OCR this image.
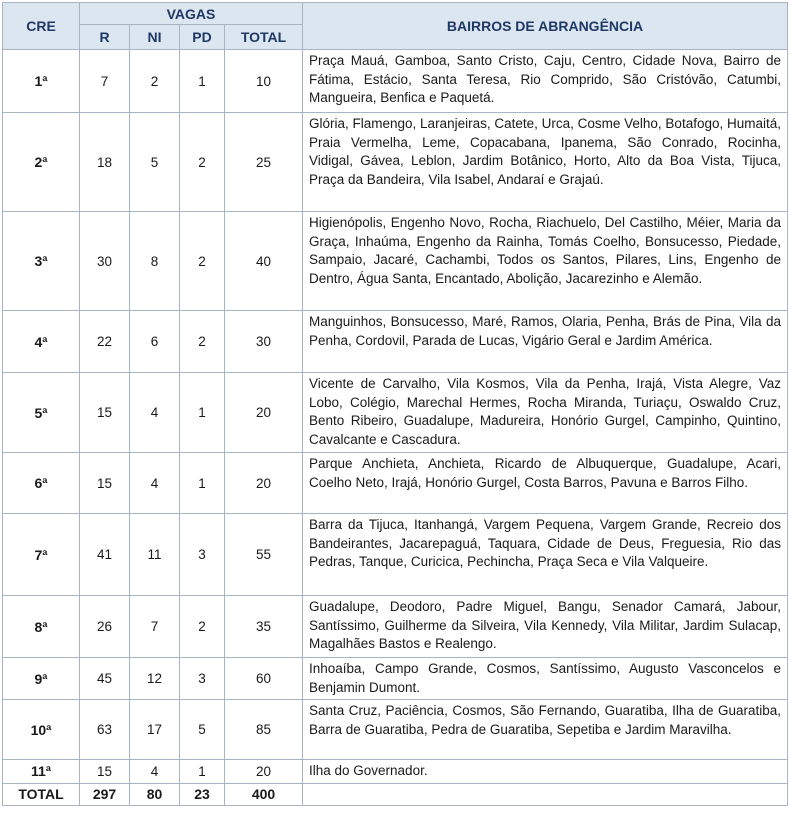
CRE	VAGAS				BAIRROS DE ABRANGÊNCIA
	R	NI	PD	TOTAL	
1ª	7	2	1	10	Praça Mauá, Gamboa, Santo Cristo, Caju, Centro, Cidade Nova, Bairro de Fátima, Estácio, Santa Teresa, Rio Comprido, São Cristóvão, Catumbi, Mangueira, Benfica e Paquetá.
2ª	18	5	2	25	Glória, Flamengo, Laranjeiras, Catete, Urca, Cosme Velho, Botafogo, Humaitá, Praia Vermelha, Leme, Copacabana, Ipanema, São Conrado, Rocinha, Vidigal, Gávea, Leblon, Jardim Botânico, Horto, Alto da Boa Vista, Tijuca, Praça da Bandeira, Vila Isabel, Andaraí e Grajaú.
3ª	30	8	2	40	Higienópolis, Engenho Novo, Rocha, Riachuelo, Del Castilho, Méier, Maria da Graça, Inhaúma, Engenho da Rainha, Tomás Coelho, Bonsucesso, Piedade, Sampaio, Jacaré, Cachambi, Todos os Santos, Pilares, Lins, Engenho de Dentro, Água Santa, Encantado, Abolição, Jacarezinho e Alemão.
4ª	22	6	2	30	Manguinhos, Bonsucesso, Maré, Ramos, Olaria, Penha, Brás de Pina, Vila da Penha, Cordovil, Parada de Lucas, Vigário Geral e Jardim América.
5ª	15	4	1	20	Vicente de Carvalho, Vila Kosmos, Vila da Penha, Irajá, Vista Alegre, Vaz Lobo, Colégio, Marechal Hermes, Rocha Miranda, Turiaçu, Oswaldo Cruz, Bento Ribeiro, Guadalupe, Madureira, Honório Gurgel, Campinho, Quintino, Cavalcante e Cascadura.
6ª	15	4	1	20	Parque Anchieta, Anchieta, Ricardo de Albuquerque, Guadalupe, Acari, Coelho Neto, Irajá, Honório Gurgel, Costa Barros, Pavuna e Barros Filho.
7ª	41	11	3	55	Barra da Tijuca, Itanhangá, Vargem Pequena, Vargem Grande, Recreio dos Bandeirantes, Jacarepaguá, Taquara, Cidade de Deus, Freguesia, Rio das Pedras, Tanque, Curicica, Pechincha, Praça Seca e Vila Valqueire.
8ª	26	7	2	35	Guadalupe, Deodoro, Padre Miguel, Bangu, Senador Camará, Jabour, Santíssimo, Guilherme da Silveira, Vila Kennedy, Vila Militar, Jardim Sulacap, Magalhães Bastos e Realengo.
9ª	45	12	3	60	Inhoaíba, Campo Grande, Cosmos, Santíssimo, Augusto Vasconcelos e Benjamin Dumont.
10ª	63	17	5	85	Santa Cruz, Paciência, Cosmos, São Fernando, Guaratiba, Ilha de Guaratiba, Barra de Guaratiba, Pedra de Guaratiba, Sepetiba e Jardim Maravilha.
11ª	15	4	1	20	Ilha do Governador.
TOTAL	297	80	23	400	
